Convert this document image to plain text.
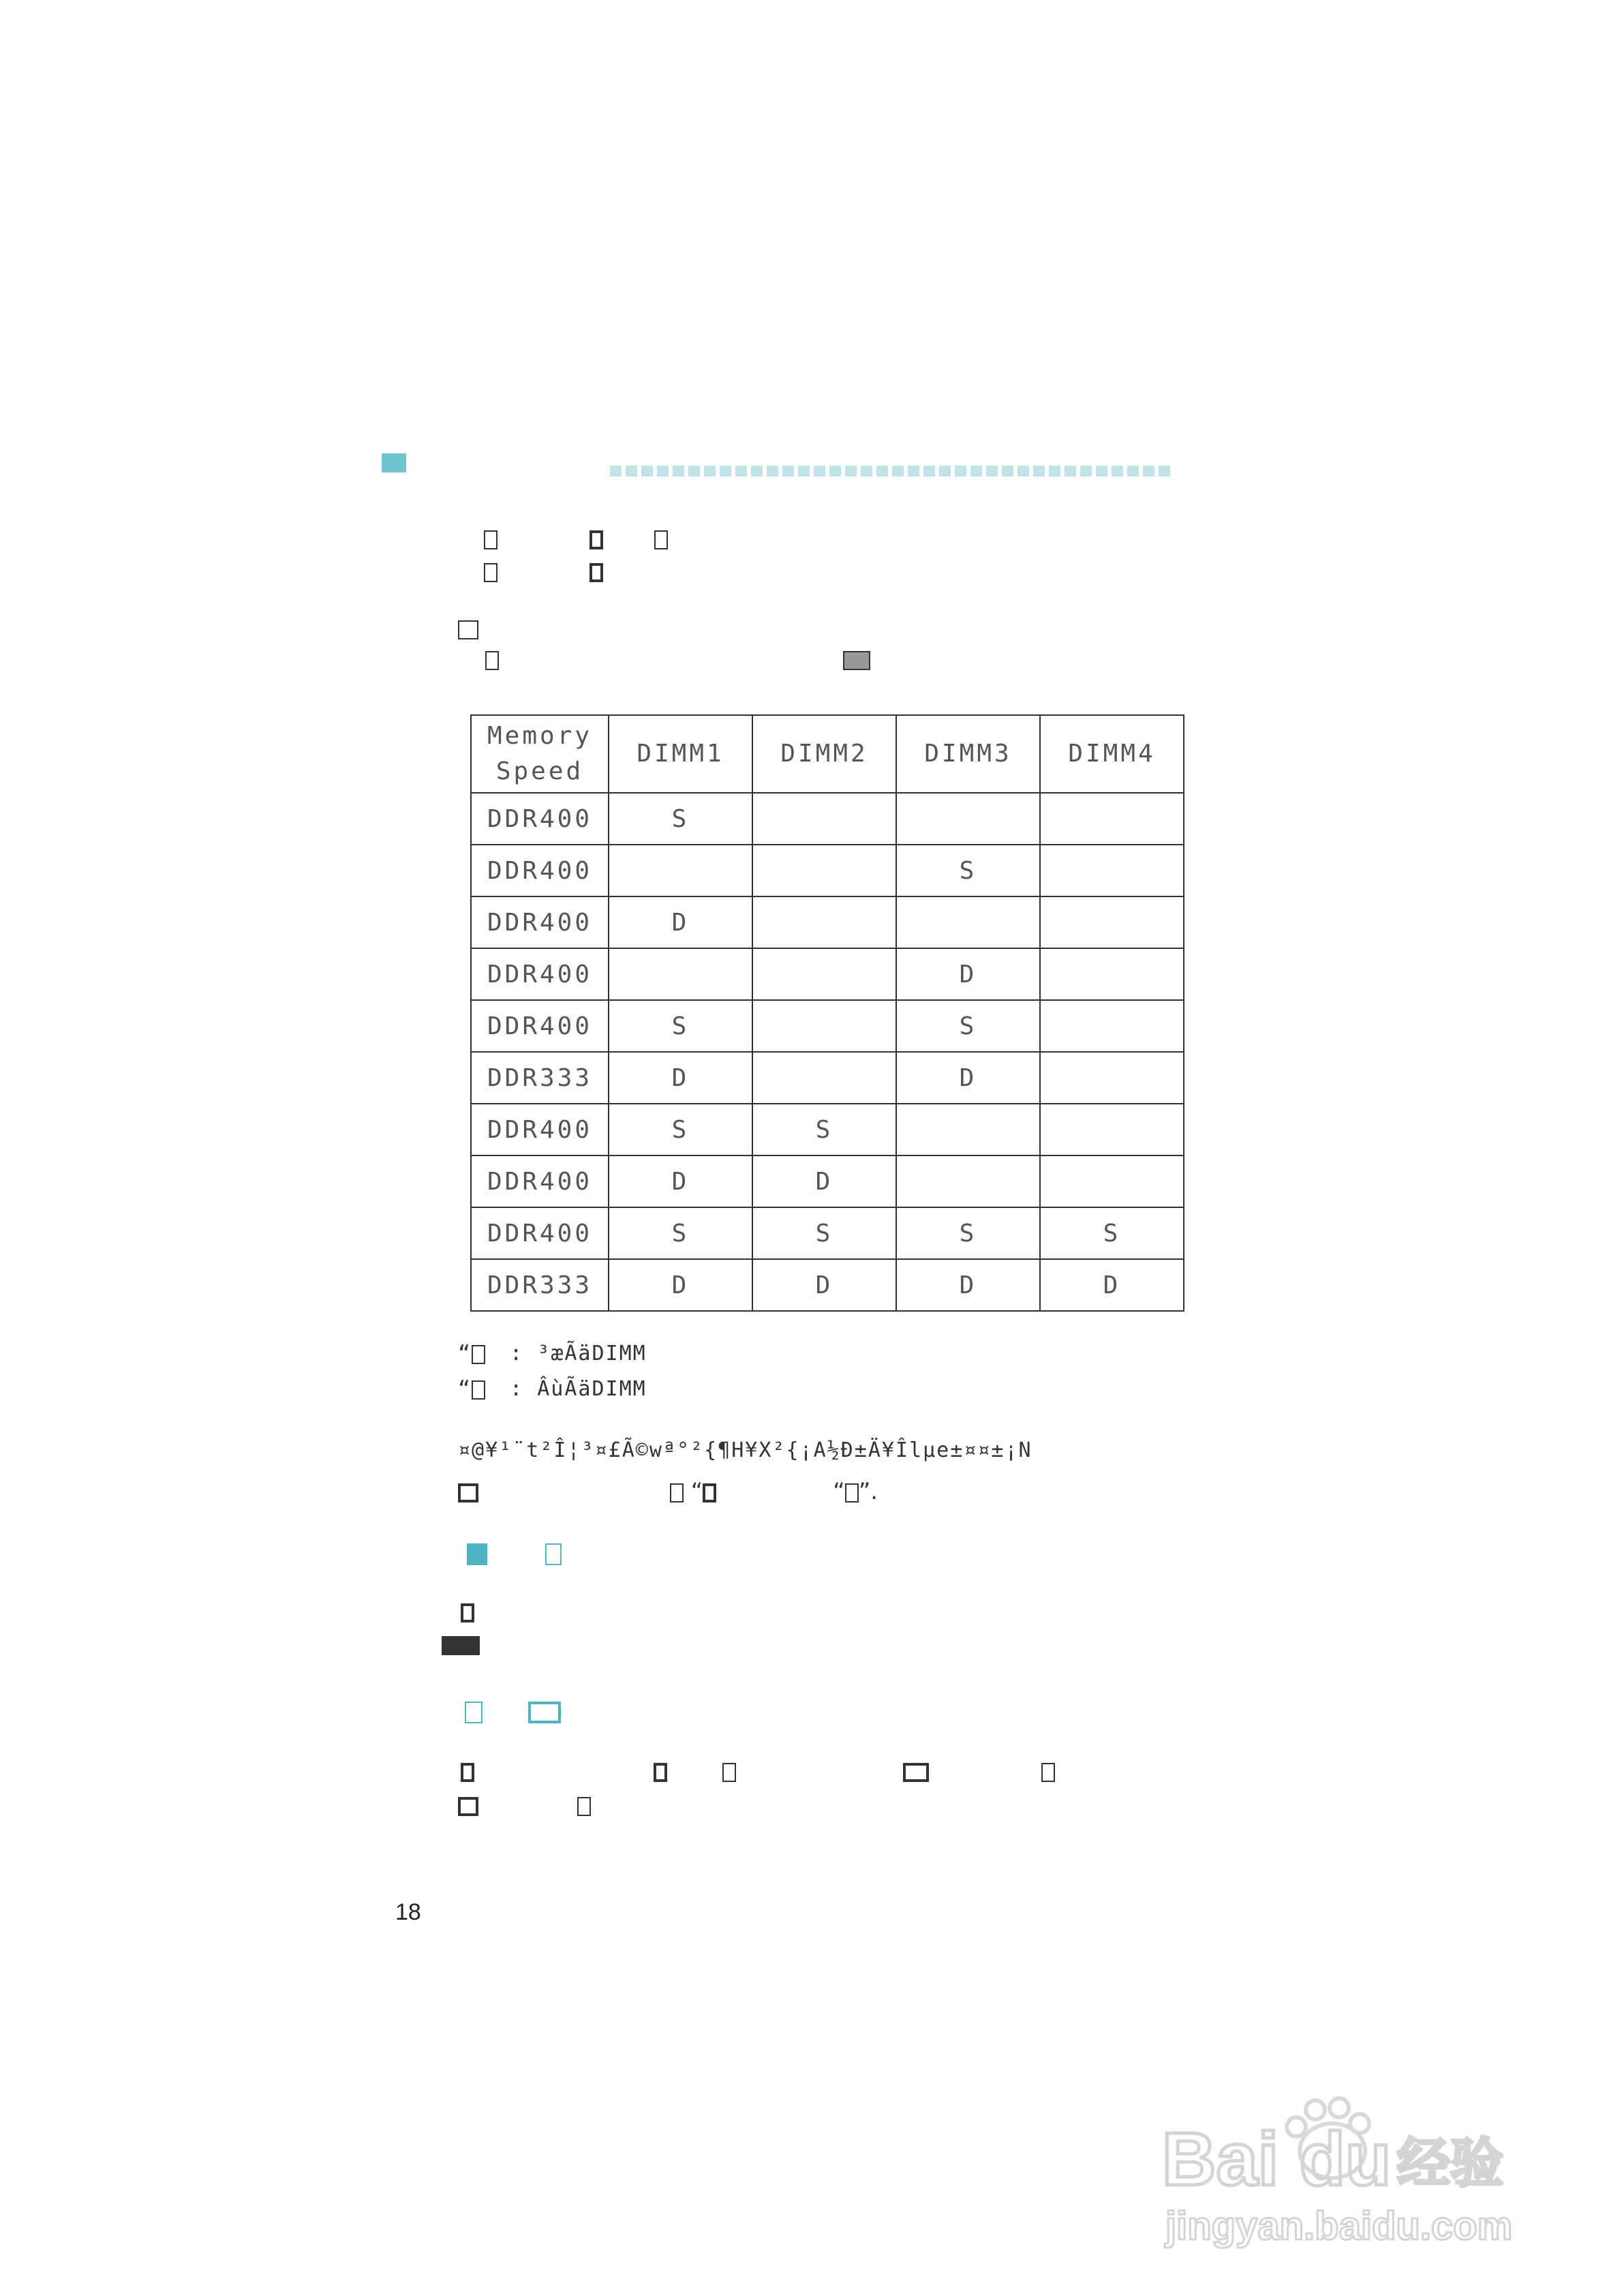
Memory
Speed	DIMM1	DIMM2	DIMM3	DIMM4
DDR400	S			
DDR400			S	
DDR400	D			
DDR400			D	
DDR400	S		S	
DDR333	D		D	
DDR400	S	S		
DDR400	D	D		
DDR400	S	S	S	S
DDR333	D	D	D	D
“ : ³æÃäDIMM
“ : ÂùÃäDIMM
¤@¥¹¨t²Î¦³¤£Ã©wª°²{¶H¥X²{¡A½Ð±Ä¥Îlµe±¤¤±¡N
“	“ ”.

18
Bai du 经验
jingyan.baidu.com
